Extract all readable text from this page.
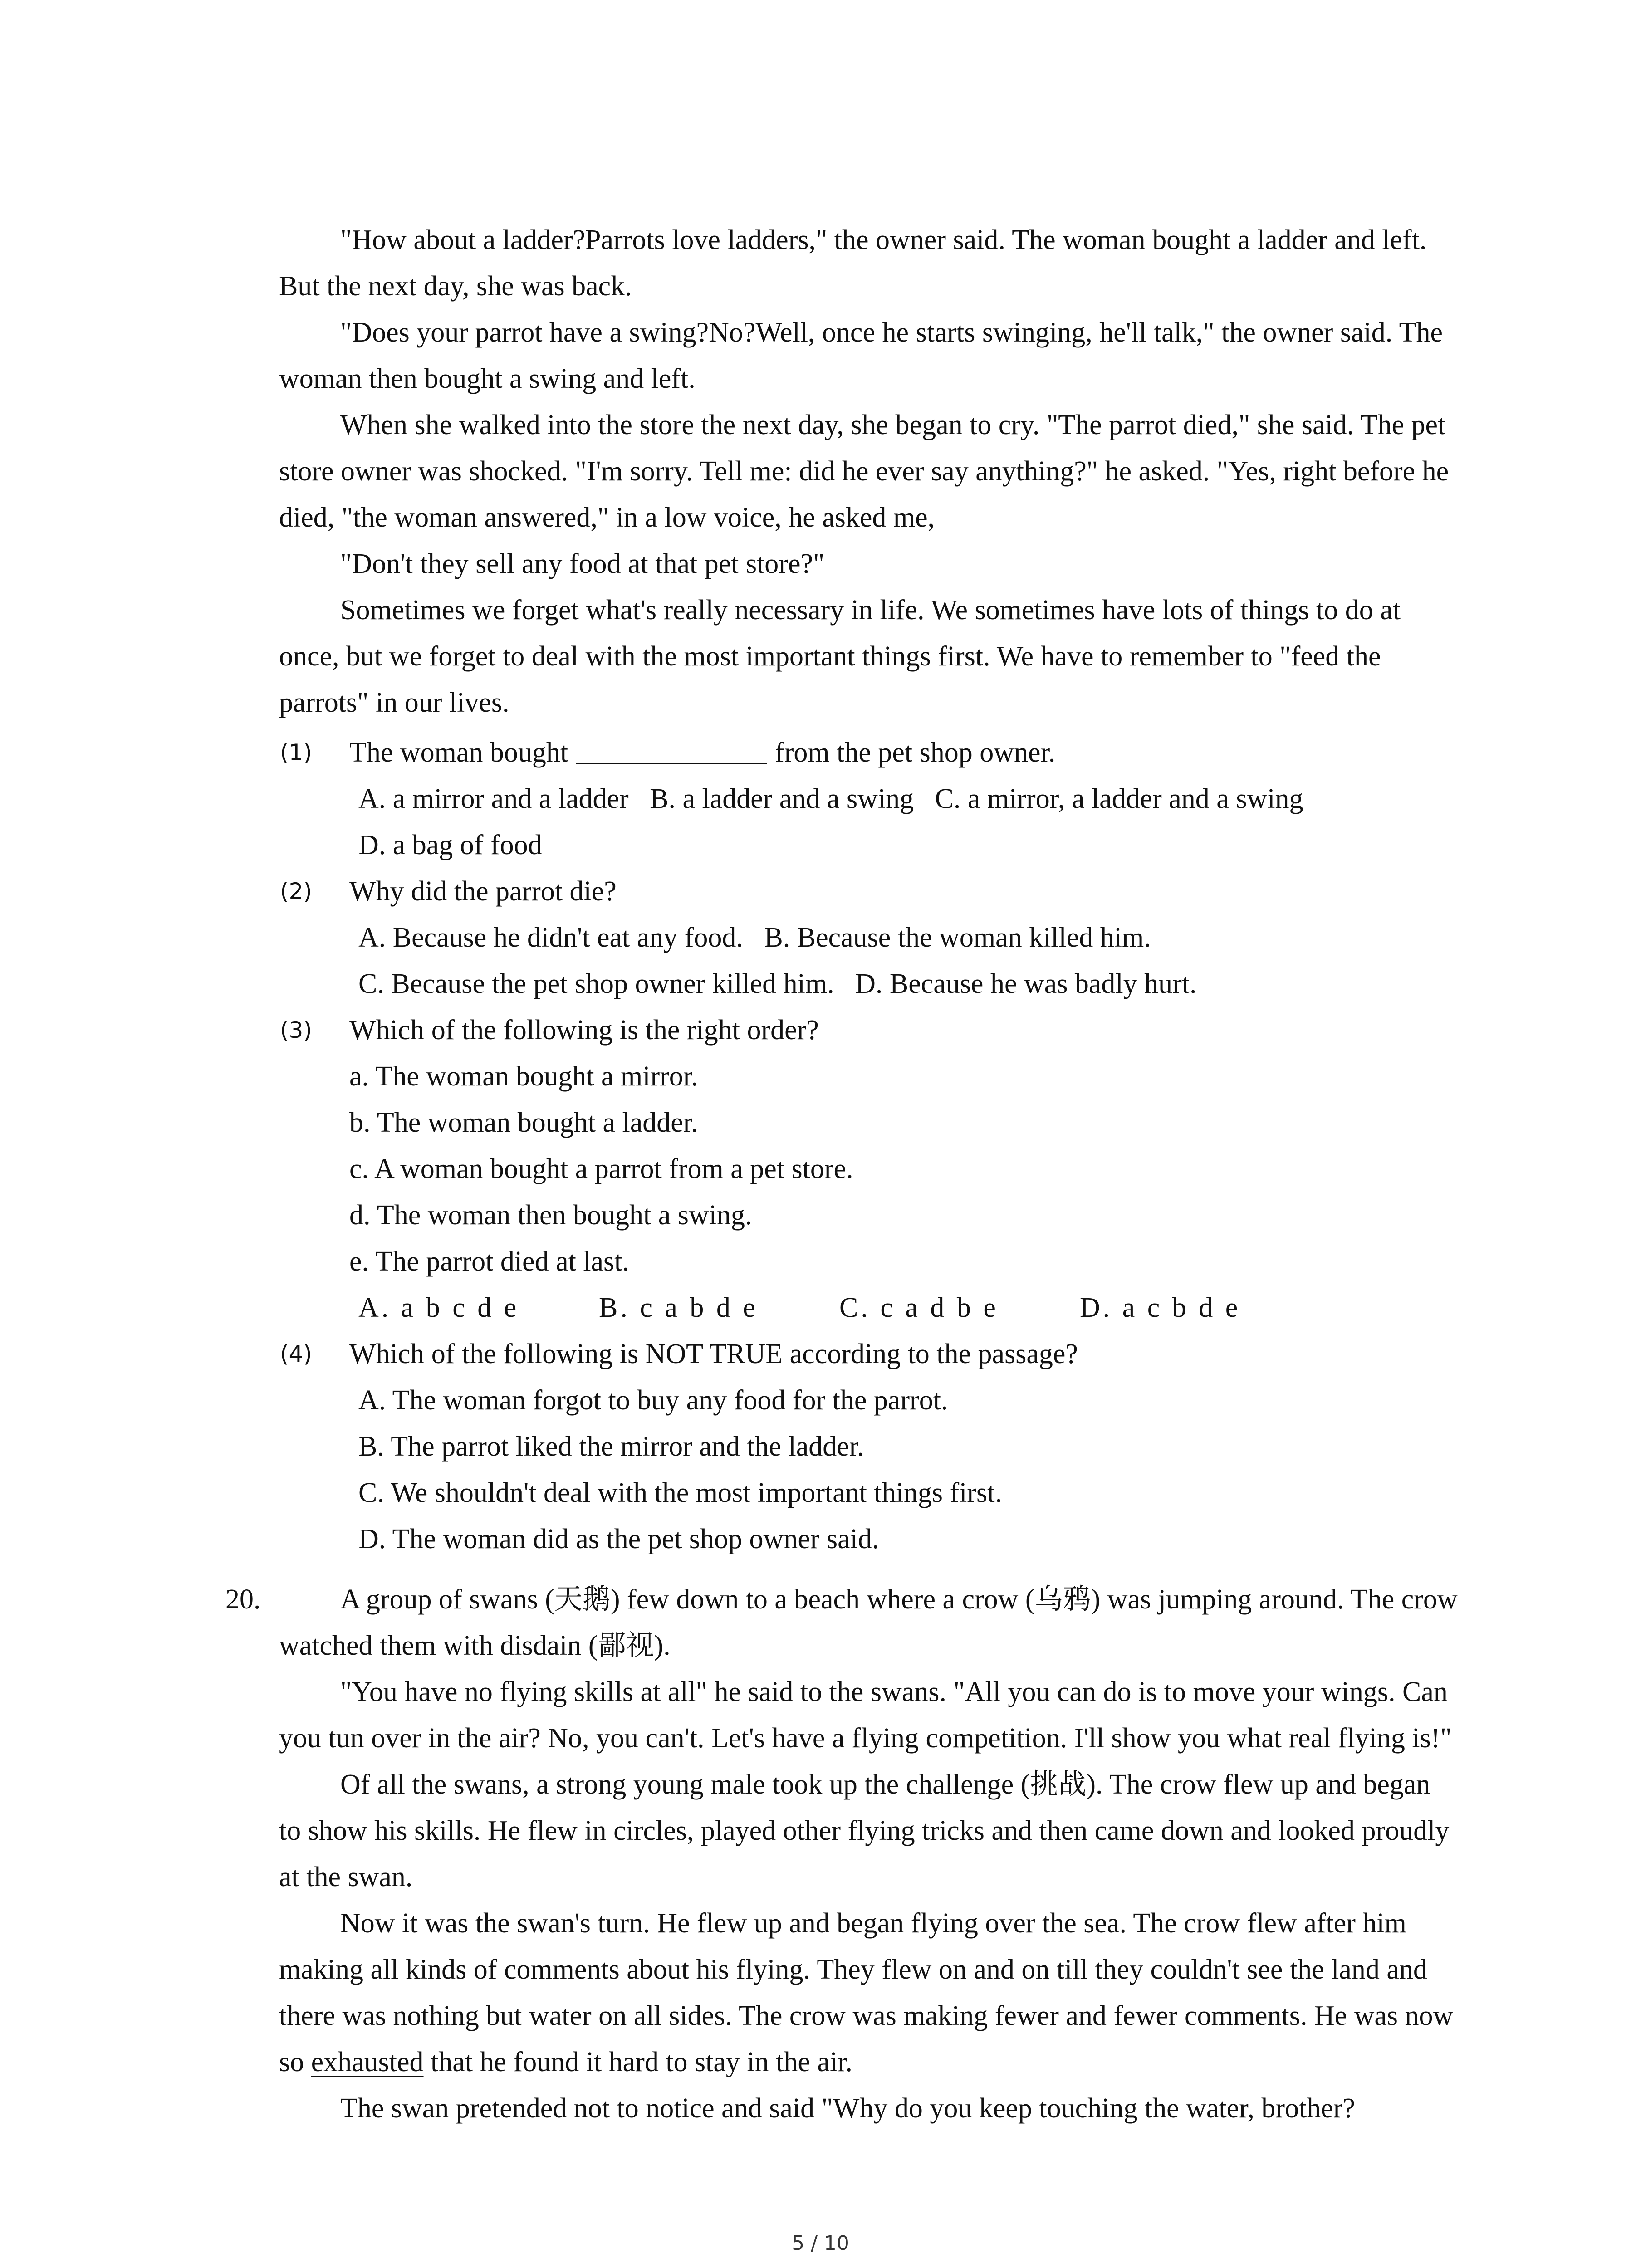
"How about a ladder?Parrots love ladders," the owner said. The woman bought a ladder and left. But the next day, she was back.

"Does your parrot have a swing?No?Well, once he starts swinging, he'll talk," the owner said. The woman then bought a swing and left.

When she walked into the store the next day, she began to cry. "The parrot died," she said. The pet store owner was shocked. "I'm sorry. Tell me: did he ever say anything?" he asked. "Yes, right before he died, "the woman answered," in a low voice, he asked me,

"Don't they sell any food at that pet store?"

Sometimes we forget what's really necessary in life. We sometimes have lots of things to do at once, but we forget to deal with the most important things first. We have to remember to "feed the parrots" in our lives.

(1) The woman bought	from the pet shop owner.

A. a mirror and a ladder   B. a ladder and a swing   C. a mirror, a ladder and a swing

D. a bag of food

(2) Why did the parrot die?

A. Because he didn't eat any food.   B. Because the woman killed him.

C. Because the pet shop owner killed him.   D. Because he was badly hurt.

(3) Which of the following is the right order?

a. The woman bought a mirror.

b. The woman bought a ladder.

c. A woman bought a parrot from a pet store.

d. The woman then bought a swing.

e. The parrot died at last.

A. a b c d e	B. c a b d e	C. c a d b e	D. a c b d e

(4) Which of the following is NOT TRUE according to the passage?

A. The woman forgot to buy any food for the parrot.

B. The parrot liked the mirror and the ladder.

C. We shouldn't deal with the most important things first.

D. The woman did as the pet shop owner said.

20.	A group of swans (天鹅) few down to a beach where a crow (乌鸦) was jumping around. The crow watched them with disdain (鄙视).

"You have no flying skills at all" he said to the swans. "All you can do is to move your wings. Can you tun over in the air? No, you can't. Let's have a flying competition. I'll show you what real flying is!"

Of all the swans, a strong young male took up the challenge (挑战). The crow flew up and began to show his skills. He flew in circles, played other flying tricks and then came down and looked proudly at the swan.

Now it was the swan's turn. He flew up and began flying over the sea. The crow flew after him making all kinds of comments about his flying. They flew on and on till they couldn't see the land and there was nothing but water on all sides. The crow was making fewer and fewer comments. He was now so exhausted that he found it hard to stay in the air.

The swan pretended not to notice and said "Why do you keep touching the water, brother?

5 / 10
